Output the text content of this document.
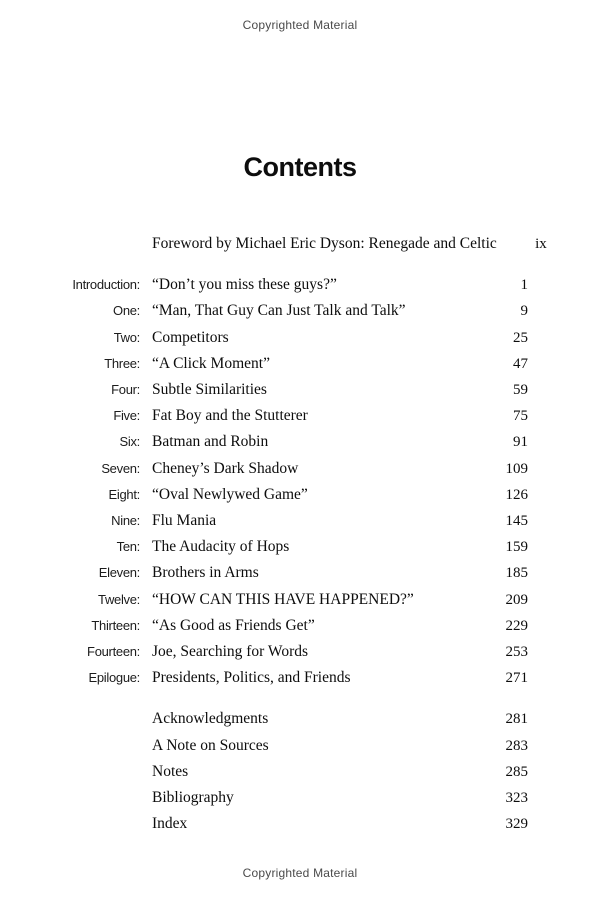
Copyrighted Material
Contents
Foreword by Michael Eric Dyson: Renegade and Celtic	ix
Introduction: “Don’t you miss these guys?”	1
One: “Man, That Guy Can Just Talk and Talk”	9
Two: Competitors	25
Three: “A Click Moment”	47
Four: Subtle Similarities	59
Five: Fat Boy and the Stutterer	75
Six: Batman and Robin	91
Seven: Cheney’s Dark Shadow	109
Eight: “Oval Newlywed Game”	126
Nine: Flu Mania	145
Ten: The Audacity of Hops	159
Eleven: Brothers in Arms	185
Twelve: “HOW CAN THIS HAVE HAPPENED?”	209
Thirteen: “As Good as Friends Get”	229
Fourteen: Joe, Searching for Words	253
Epilogue: Presidents, Politics, and Friends	271
Acknowledgments	281
A Note on Sources	283
Notes	285
Bibliography	323
Index	329
Copyrighted Material
